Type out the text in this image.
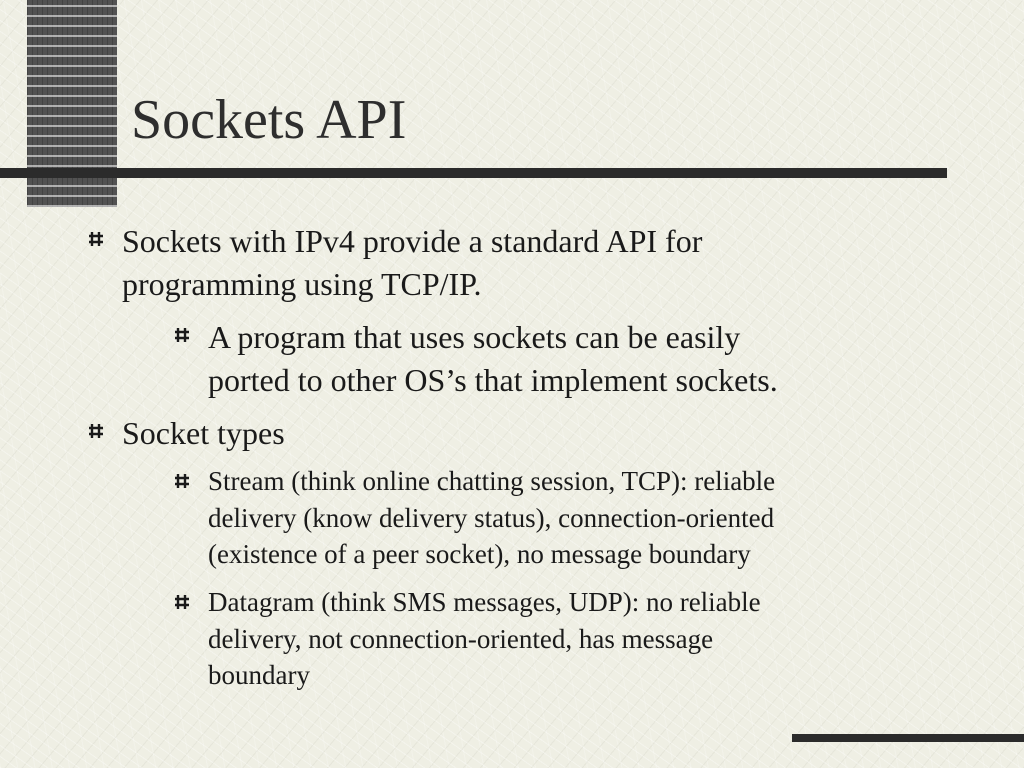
Sockets API
Sockets with IPv4 provide a standard API for
programming using TCP/IP.
A program that uses sockets can be easily
ported to other OS’s that implement sockets.
Socket types
Stream (think online chatting session, TCP): reliable
delivery (know delivery status), connection-oriented
(existence of a peer socket), no message boundary
Datagram (think SMS messages, UDP): no reliable
delivery, not connection-oriented, has message
boundary
